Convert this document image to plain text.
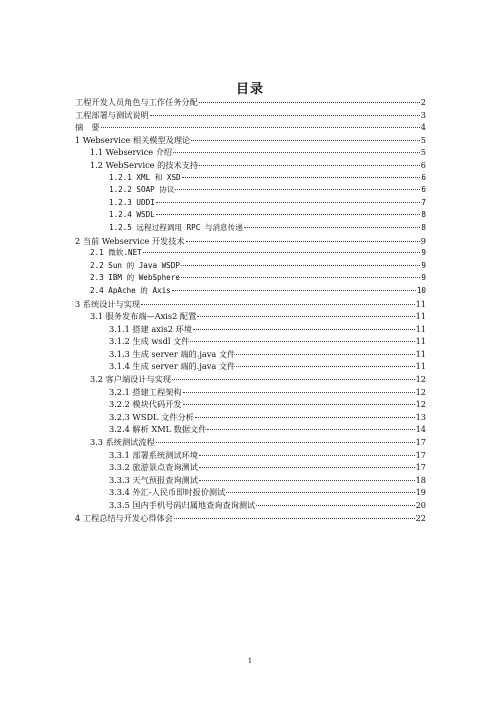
目录
工程开发人员角色与工作任务分配	2
工程部署与测试说明	3
摘　要	4
1 Webservice 相关模型及理论	5
1.1 Webservice 介绍	5
1.2 WebService 的技术支持	6
1.2.1 XML 和 XSD	6
1.2.2 SOAP 协议	6
1.2.3 UDDI	7
1.2.4 WSDL	8
1.2.5 远程过程调用 RPC 与消息传递	8
2 当前 Webservice 开发技术	9
2.1 微软.NET	9
2.2 Sun 的 Java WSDP	9
2.3 IBM 的 WebSphere	9
2.4 ApAche 的 Axis	10
3 系统设计与实现	11
3.1 服务发布端—Axis2 配置	11
3.1.1 搭建 axis2 环境	11
3.1.2 生成 wsdl 文件	11
3.1.3 生成 server 端的.java 文件	11
3.1.4 生成 server 端的.java 文件	11
3.2 客户端设计与实现	12
3.2.1 搭建工程架构	12
3.2.2 模块代码开发	12
3.2.3 WSDL 文件分析	13
3.2.4 解析 XML 数据文件	14
3.3 系统测试流程	17
3.3.1 部署系统测试环境	17
3.3.2 旅游景点查询测试	17
3.3.3 天气预报查询测试	18
3.3.4 外汇-人民币即时报价测试	19
3.3.5 国内手机号码归属地查询查询测试	20
4 工程总结与开发心得体会	22
1
